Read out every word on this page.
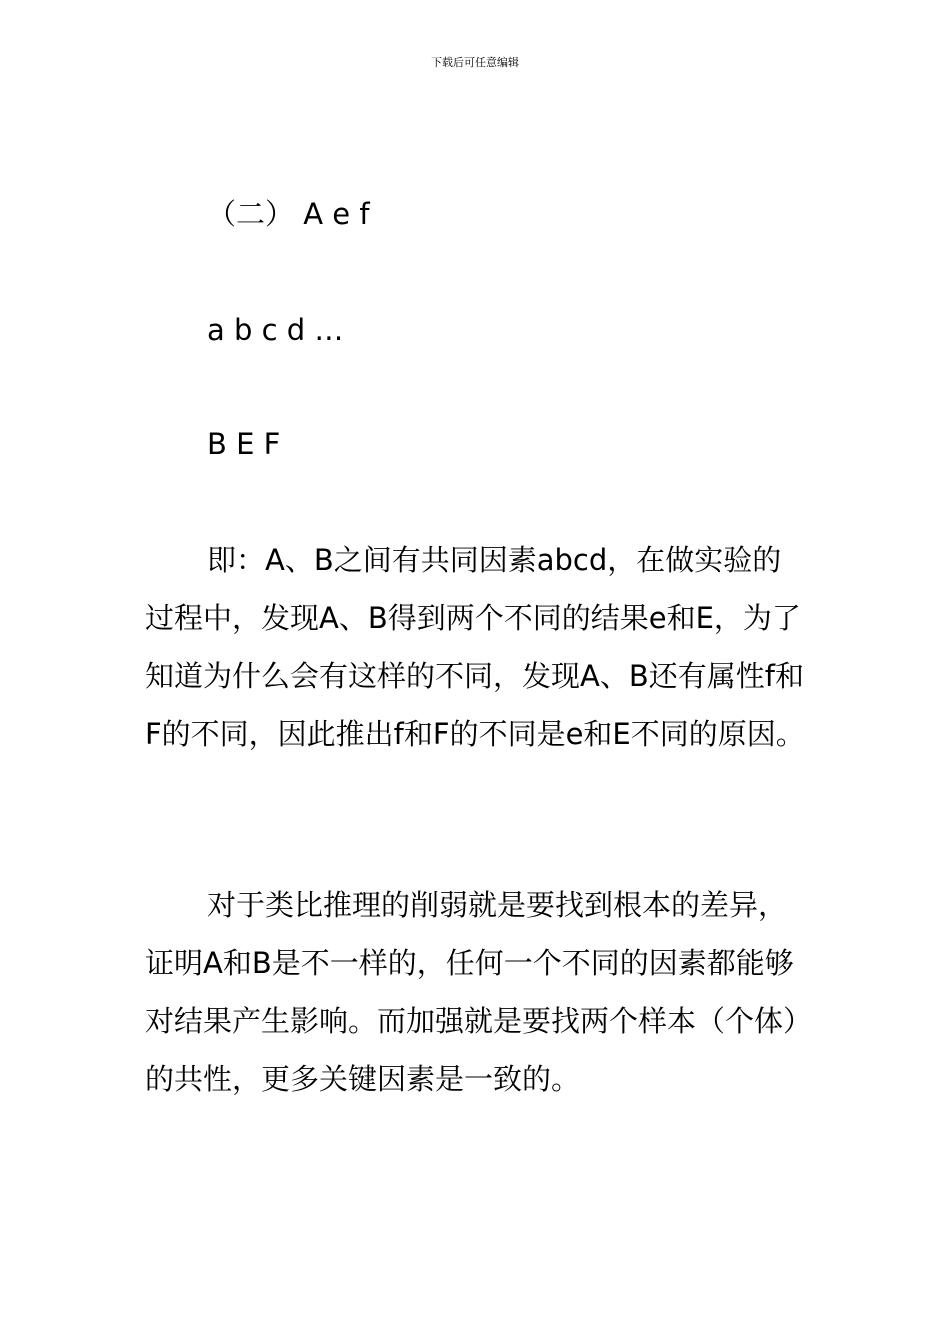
下载后可任意编辑
（二） A e f
a b c d …
B E F

即：A、B之间有共同因素abcd，在做实验的过程中，发现A、B得到两个不同的结果e和E，为了知道为什么会有这样的不同，发现A、B还有属性f和F的不同，因此推出f和F的不同是e和E不同的原因。

对于类比推理的削弱就是要找到根本的差异，证明A和B是不一样的，任何一个不同的因素都能够对结果产生影响。而加强就是要找两个样本（个体）的共性，更多关键因素是一致的。
